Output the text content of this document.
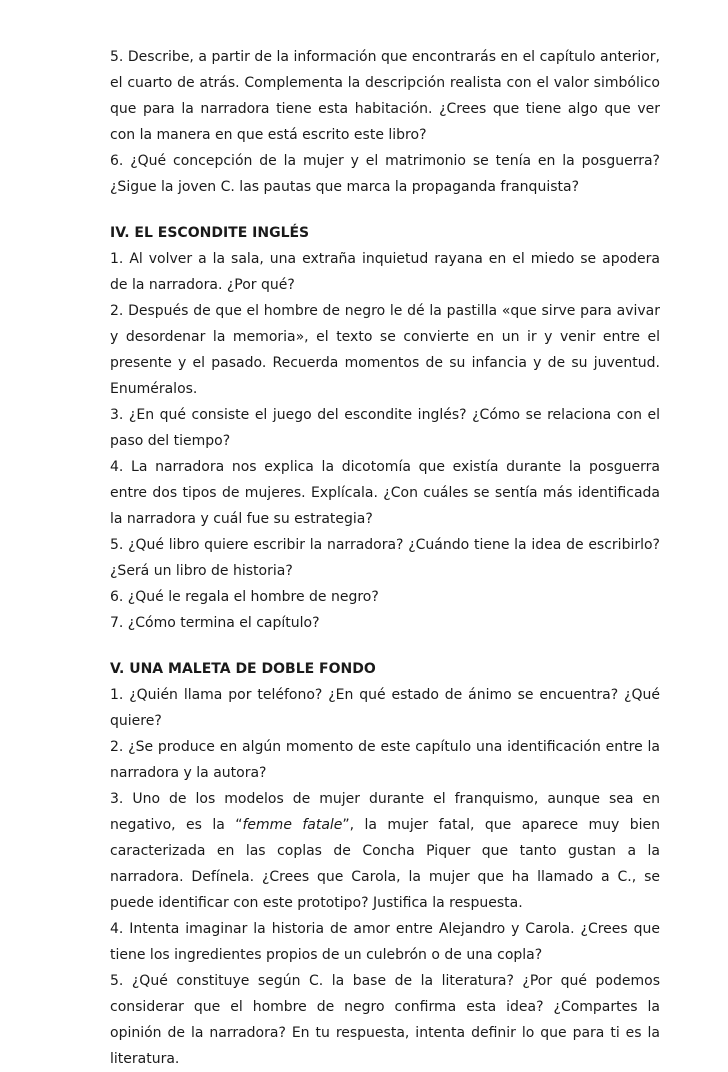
5. Describe, a partir de la información que encontrarás en el capítulo anterior, el cuarto de atrás. Complementa la descripción realista con el valor simbólico que para la narradora tiene esta habitación. ¿Crees que tiene algo que ver con la manera en que está escrito este libro?

6. ¿Qué concepción de la mujer y el matrimonio se tenía en la posguerra? ¿Sigue la joven C. las pautas que marca la propaganda franquista?

IV. EL ESCONDITE INGLÉS

1. Al volver a la sala, una extraña inquietud rayana en el miedo se apodera de la narradora. ¿Por qué?

2. Después de que el hombre de negro le dé la pastilla «que sirve para avivar y desordenar la memoria», el texto se convierte en un ir y venir entre el presente y el pasado. Recuerda momentos de su infancia y de su juventud. Enuméralos.

3. ¿En qué consiste el juego del escondite inglés? ¿Cómo se relaciona con el paso del tiempo?

4. La narradora nos explica la dicotomía que existía durante la posguerra entre dos tipos de mujeres. Explícala. ¿Con cuáles se sentía más identificada la narradora y cuál fue su estrategia?

5. ¿Qué libro quiere escribir la narradora? ¿Cuándo tiene la idea de escribirlo? ¿Será un libro de historia?

6. ¿Qué le regala el hombre de negro?

7. ¿Cómo termina el capítulo?

V. UNA MALETA DE DOBLE FONDO

1. ¿Quién llama por teléfono? ¿En qué estado de ánimo se encuentra? ¿Qué quiere?

2. ¿Se produce en algún momento de este capítulo una identificación entre la narradora y la autora?

3. Uno de los modelos de mujer durante el franquismo, aunque sea en negativo, es la “femme fatale”, la mujer fatal, que aparece muy bien caracterizada en las coplas de Concha Piquer que tanto gustan a la narradora. Defínela. ¿Crees que Carola, la mujer que ha llamado a C., se puede identificar con este prototipo? Justifica la respuesta.

4. Intenta imaginar la historia de amor entre Alejandro y Carola. ¿Crees que tiene los ingredientes propios de un culebrón o de una copla?

5. ¿Qué constituye según C. la base de la literatura? ¿Por qué podemos considerar que el hombre de negro confirma esta idea? ¿Compartes la opinión de la narradora? En tu respuesta, intenta definir lo que para ti es la literatura.
